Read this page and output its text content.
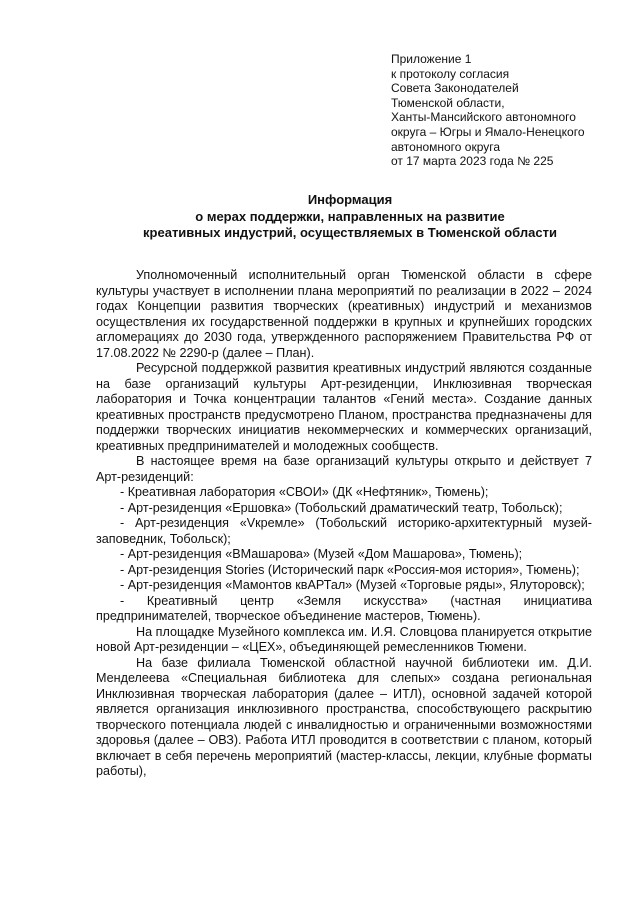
Приложение 1
к протоколу согласия
Совета Законодателей
Тюменской области,
Ханты-Мансийского автономного
округа – Югры и Ямало-Ненецкого
автономного округа
от 17 марта 2023 года № 225
Информация
о мерах поддержки, направленных на развитие
креативных индустрий, осуществляемых в Тюменской области

Уполномоченный исполнительный орган Тюменской области в сфере культуры участвует в исполнении плана мероприятий по реализации в 2022 – 2024 годах Концепции развития творческих (креативных) индустрий и механизмов осуществления их государственной поддержки в крупных и крупнейших городских агломерациях до 2030 года, утвержденного распоряжением Правительства РФ от 17.08.2022 № 2290-р (далее – План).

Ресурсной поддержкой развития креативных индустрий являются созданные на базе организаций культуры Арт-резиденции, Инклюзивная творческая лаборатория и Точка концентрации талантов «Гений места». Создание данных креативных пространств предусмотрено Планом, пространства предназначены для поддержки творческих инициатив некоммерческих и коммерческих организаций, креативных предпринимателей и молодежных сообществ.

В настоящее время на базе организаций культуры открыто и действует 7 Арт-резиденций:

- Креативная лаборатория «СВОИ» (ДК «Нефтяник», Тюмень);

- Арт-резиденция «Ершовка» (Тобольский драматический театр, Тобольск);

- Арт-резиденция «Vкремле» (Тобольский историко-архитектурный музей-заповедник, Тобольск);

- Арт-резиденция «ВМашарова» (Музей «Дом Машарова», Тюмень);

- Арт-резиденция Stories (Исторический парк «Россия-моя история», Тюмень);

- Арт-резиденция «Мамонтов квАРТал» (Музей «Торговые ряды», Ялуторовск);

- Креативный центр «Земля искусства» (частная инициатива предпринимателей, творческое объединение мастеров, Тюмень).

На площадке Музейного комплекса им. И.Я. Словцова планируется открытие новой Арт-резиденции – «ЦЕХ», объединяющей ремесленников Тюмени.

На базе филиала Тюменской областной научной библиотеки им. Д.И. Менделеева «Специальная библиотека для слепых» создана региональная Инклюзивная творческая лаборатория (далее – ИТЛ), основной задачей которой является организация инклюзивного пространства, способствующего раскрытию творческого потенциала людей с инвалидностью и ограниченными возможностями здоровья (далее – ОВЗ). Работа ИТЛ проводится в соответствии с планом, который включает в себя перечень мероприятий (мастер-классы, лекции, клубные форматы работы),
